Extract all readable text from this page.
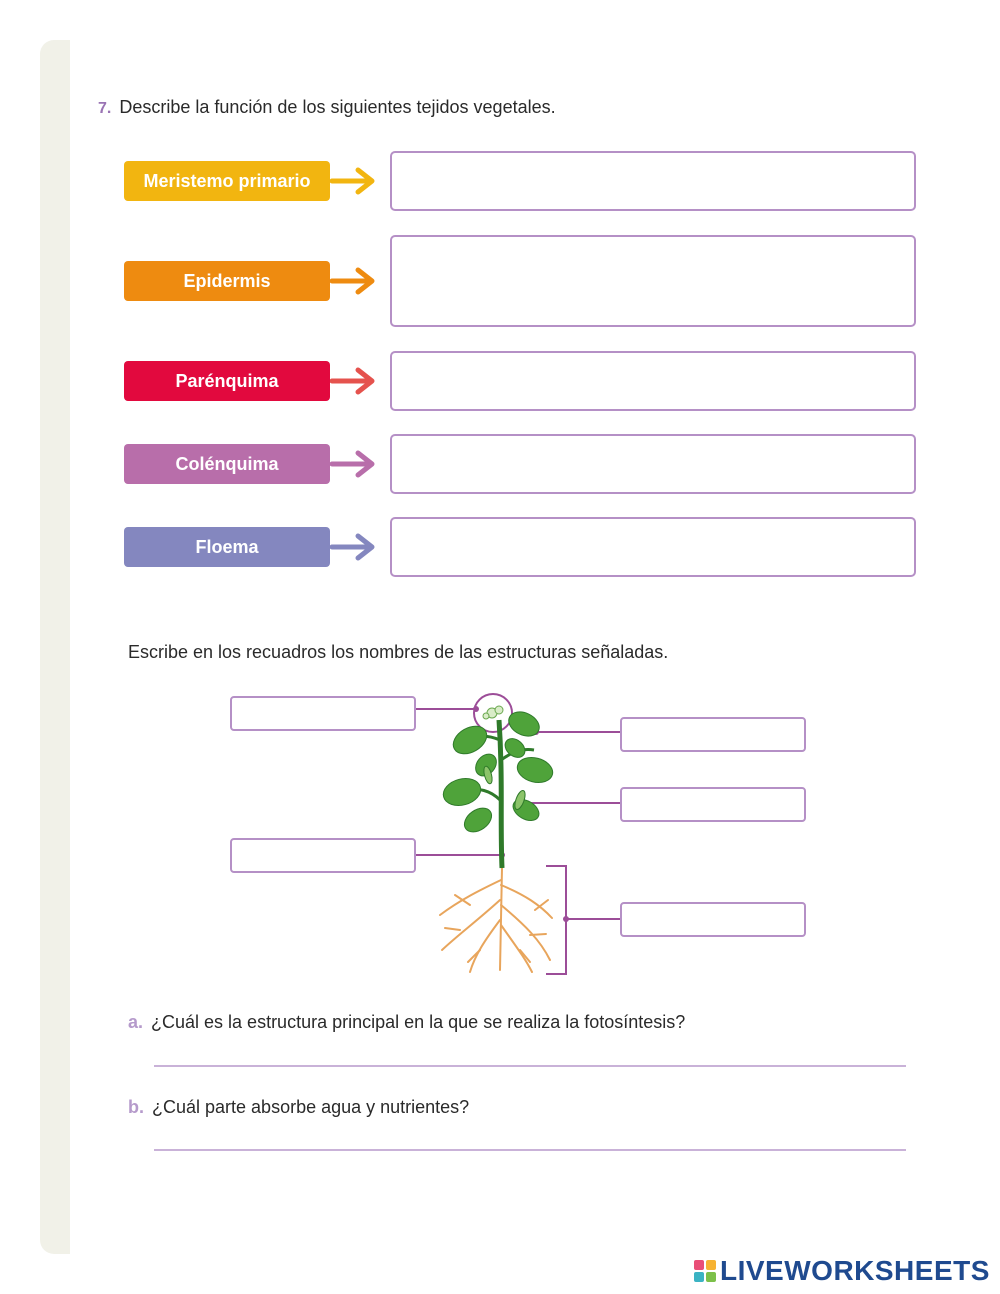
7. Describe la función de los siguientes tejidos vegetales.
Meristemo primario
Epidermis
Parénquima
Colénquima
Floema
Escribe en los recuadros los nombres de las estructuras señaladas.
a. ¿Cuál es la estructura principal en la que se realiza la fotosíntesis?
b. ¿Cuál parte absorbe agua y nutrientes?
LIVEWORKSHEETS
